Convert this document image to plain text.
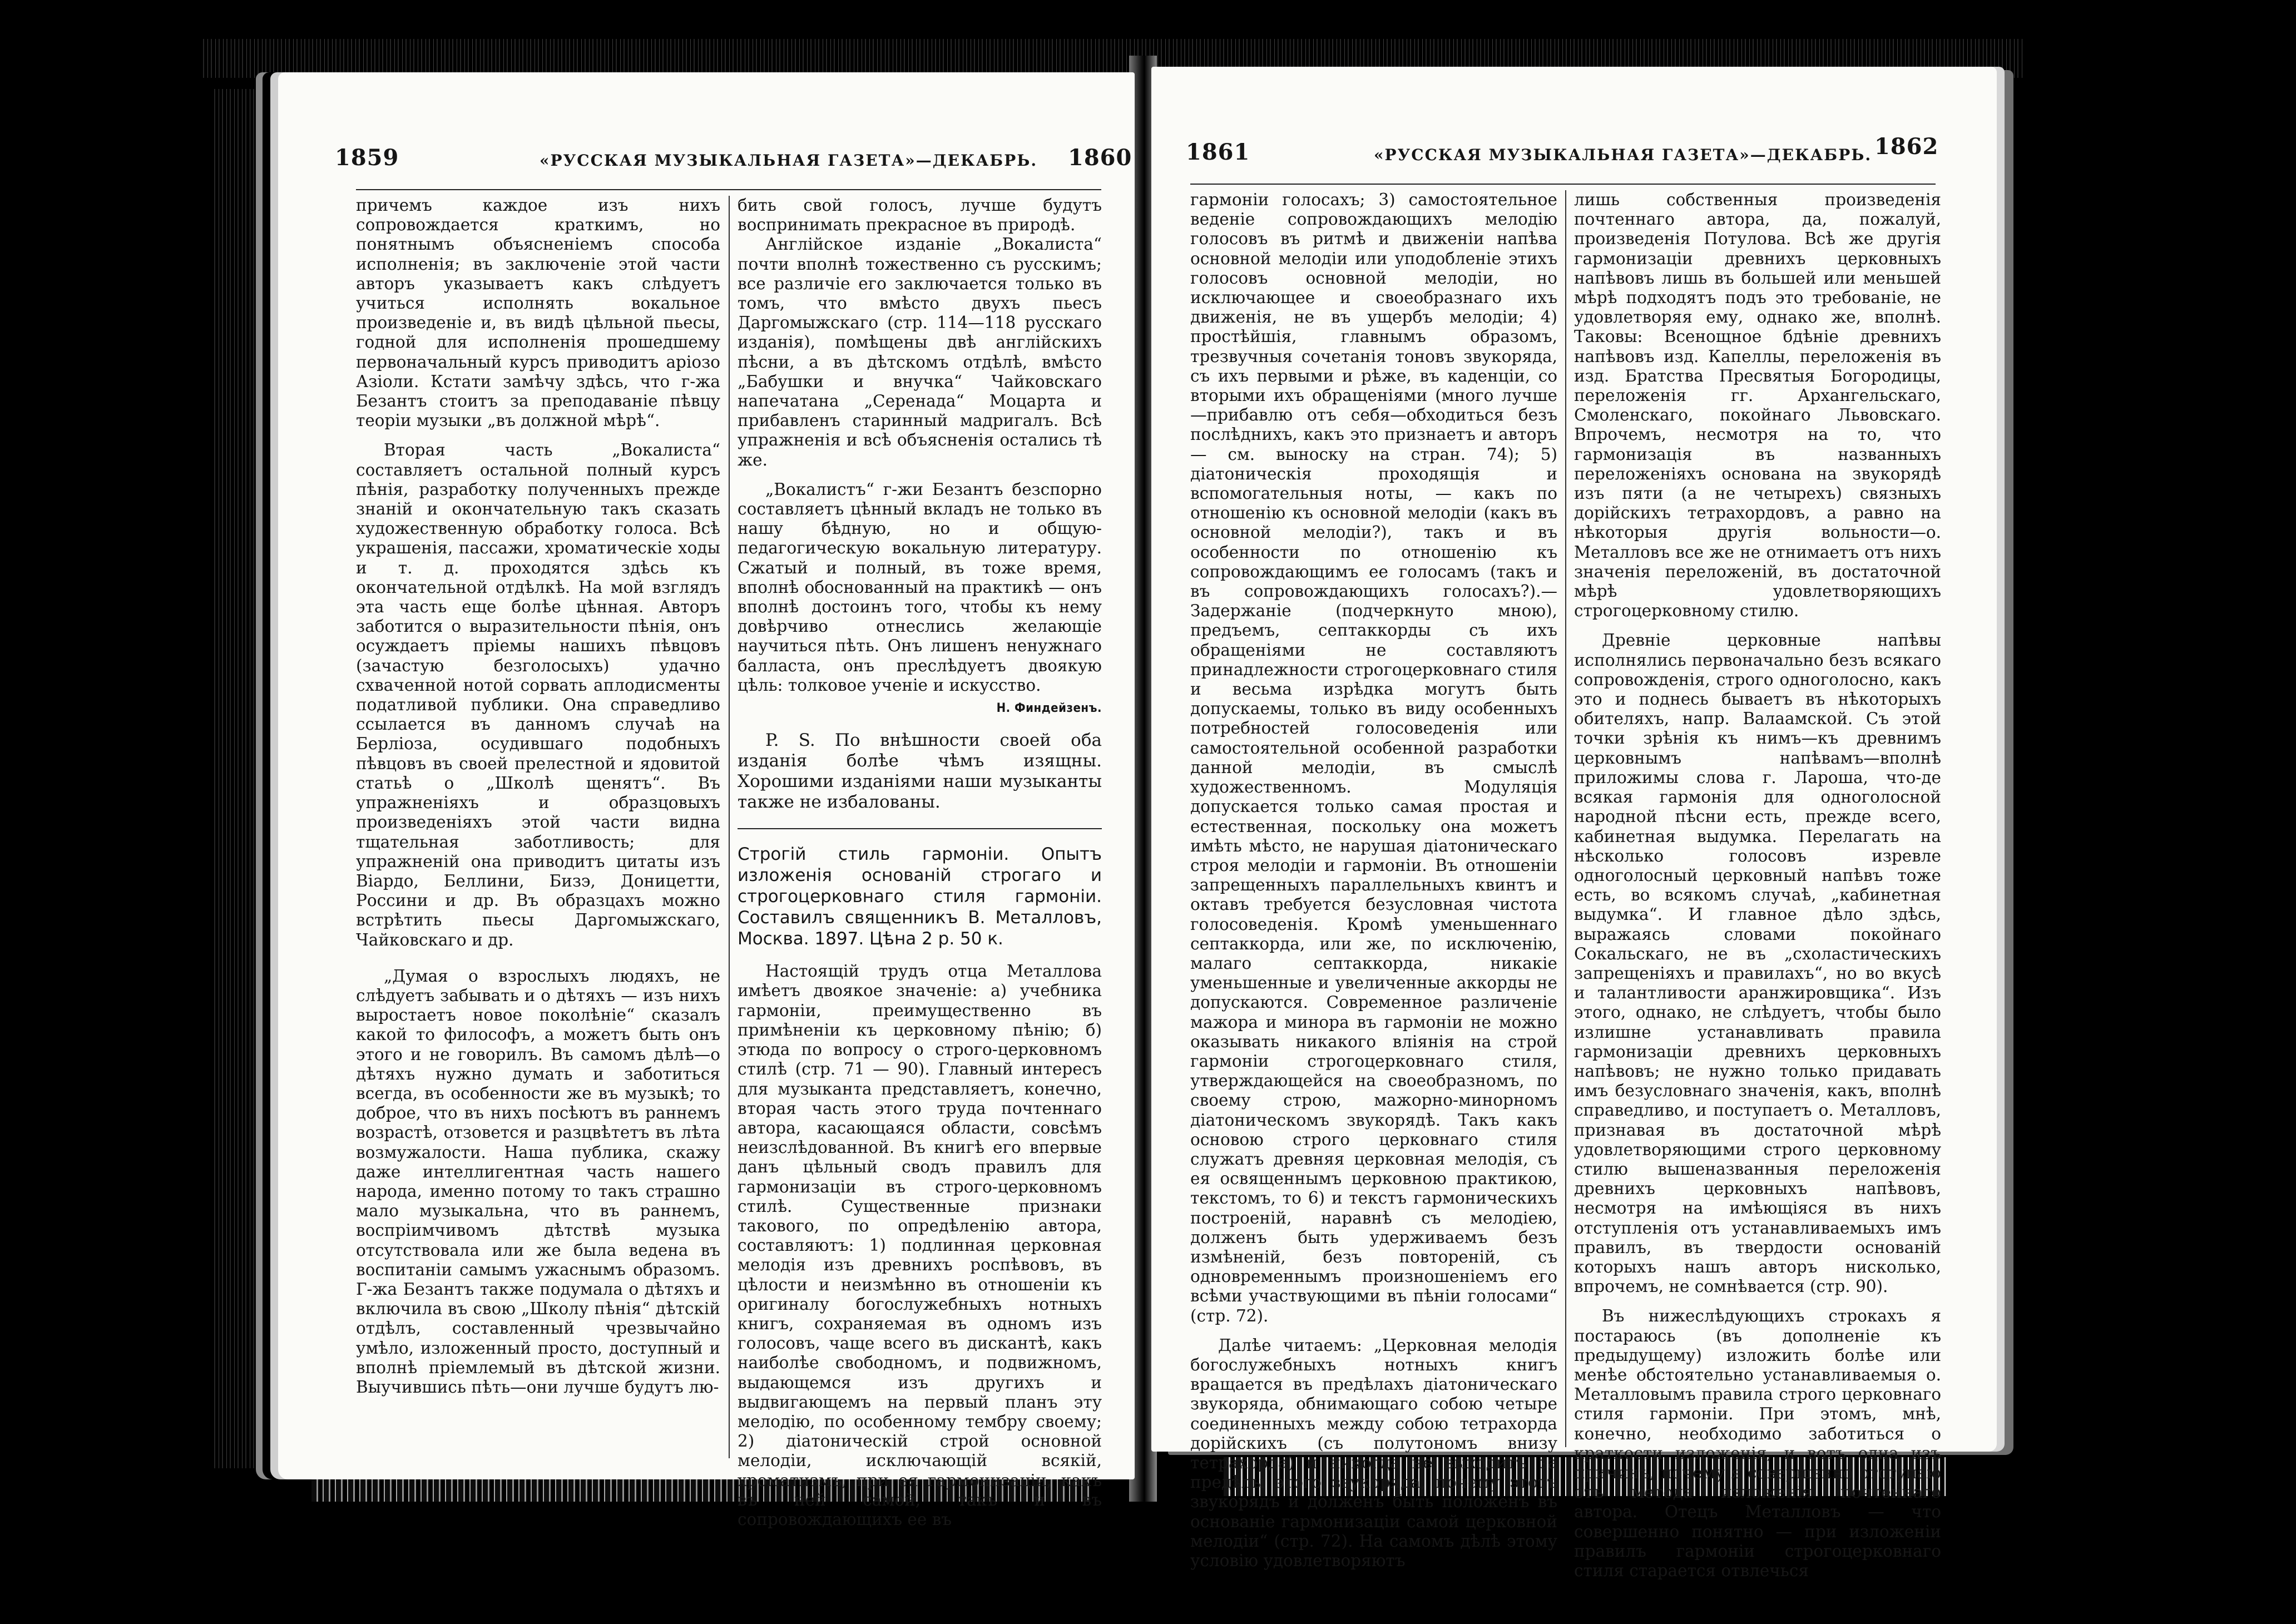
1859	«РУССКАЯ МУЗЫКАЛЬНАЯ ГАЗЕТА»—ДЕКАБРЬ. 1860

причемъ каждое изъ нихъ сопровождается краткимъ, но понятнымъ объясненіемъ способа исполненія; въ заключеніе этой части авторъ указываетъ какъ слѣдуетъ учиться исполнять вокальное произведеніе и, въ видѣ цѣльной пьесы, годной для исполненія прошедшему первоначальный курсъ приводитъ аріозо Азіоли. Кстати замѣчу здѣсь, что г-жа Безантъ стоитъ за преподаваніе пѣвцу теоріи музыки „въ должной мѣрѣ“.

Вторая часть „Вокалиста“ составляетъ остальной полный курсъ пѣнія, разработку полученныхъ прежде знаній и окончательную такъ сказать художественную обработку голоса. Всѣ украшенія, пассажи, хроматическіе ходы и т. д. проходятся здѣсь къ окончательной отдѣлкѣ. На мой взглядъ эта часть еще болѣе цѣнная. Авторъ заботится о выразительности пѣнія, онъ осуждаетъ пріемы нашихъ пѣвцовъ (зачастую безголосыхъ) удачно схваченной нотой сорвать аплодисменты податливой публики. Она справедливо ссылается въ данномъ случаѣ на Берліоза, осудившаго подобныхъ пѣвцовъ въ своей прелестной и ядовитой статьѣ о „Школѣ щенятъ“. Въ упражненіяхъ и образцовыхъ произведеніяхъ этой части видна тщательная заботливость; для упражненій она приводитъ цитаты изъ Віардо, Беллини, Бизэ, Доницетти, Россини и др. Въ образцахъ можно встрѣтить пьесы Даргомыжскаго, Чайковскаго и др.

„Думая о взрослыхъ людяхъ, не слѣдуетъ забывать и о дѣтяхъ — изъ нихъ выростаетъ новое поколѣніе“ сказалъ какой то философъ, а можетъ быть онъ этого и не говорилъ. Въ самомъ дѣлѣ—о дѣтяхъ нужно думать и заботиться всегда, въ особенности же въ музыкѣ; то доброе, что въ нихъ посѣютъ въ раннемъ возрастѣ, отзовется и разцвѣтетъ въ лѣта возмужалости. Наша публика, скажу даже интеллигентная часть нашего народа, именно потому то такъ страшно мало музыкальна, что въ раннемъ, воспріимчивомъ дѣтствѣ музыка отсутствовала или же была ведена въ воспитаніи самымъ ужаснымъ образомъ. Г-жа Безантъ также подумала о дѣтяхъ и включила въ свою „Школу пѣнія“ дѣтскій отдѣлъ, составленный чрезвычайно умѣло, изложенный просто, доступный и вполнѣ пріемлемый въ дѣтской жизни. Выучившись пѣть—они лучше будутъ лю-

бить свой голосъ, лучше будутъ воспринимать прекрасное въ природѣ.

Англійское изданіе „Вокалиста“ почти вполнѣ тожественно съ русскимъ; все различіе его заключается только въ томъ, что вмѣсто двухъ пьесъ Даргомыжскаго (стр. 114—118 русскаго изданія), помѣщены двѣ англійскихъ пѣсни, а въ дѣтскомъ отдѣлѣ, вмѣсто „Бабушки и внучка“ Чайковскаго напечатана „Серенада“ Моцарта и прибавленъ старинный мадригалъ. Всѣ упражненія и всѣ объясненія остались тѣ же.

„Вокалистъ“ г-жи Безантъ безспорно составляетъ цѣнный вкладъ не только въ нашу бѣдную, но и общую-педагогическую вокальную литературу. Сжатый и полный, въ тоже время, вполнѣ обоснованный на практикѣ — онъ вполнѣ достоинъ того, чтобы къ нему довѣрчиво отнеслись желающіе научиться пѣть. Онъ лишенъ ненужнаго балласта, онъ преслѣдуетъ двоякую цѣль: толковое ученіе и искусство.

Н. Финдейзенъ.

P. S. По внѣшности своей оба изданія болѣе чѣмъ изящны. Хорошими изданіями наши музыканты также не избалованы.

Строгій стиль гармоніи. Опытъ изложенія основаній строгаго и строгоцерковнаго стиля гармоніи. Составилъ священникъ В. Металловъ, Москва. 1897. Цѣна 2 р. 50 к.

Настоящій трудъ отца Металлова имѣетъ двоякое значеніе: а) учебника гармоніи, преимущественно въ примѣненіи къ церковному пѣнію; б) этюда по вопросу о строго-церковномъ стилѣ (стр. 71 — 90). Главный интересъ для музыканта представляетъ, конечно, вторая часть этого труда почтеннаго автора, касающаяся области, совсѣмъ неизслѣдованной. Въ книгѣ его впервые данъ цѣльный сводъ правилъ для гармонизаціи въ строго-церковномъ стилѣ. Существенные признаки такового, по опредѣленію автора, составляютъ: 1) подлинная церковная мелодія изъ древнихъ роспѣвовъ, въ цѣлости и неизмѣнно въ отношеніи къ оригиналу богослужебныхъ нотныхъ книгъ, сохраняемая въ одномъ изъ голосовъ, чаще всего въ дискантѣ, какъ наиболѣе свободномъ, и подвижномъ, выдающемся изъ другихъ и выдвигающемъ на первый планъ эту мелодію, по особенному тембру своему; 2) діатоническій строй основной мелодіи, исключающій всякій, хроматизмъ, при ея гармонизаціи, какъ въ ней самой, такъ и въ сопровождающихъ ее въ

1861	«РУССКАЯ МУЗЫКАЛЬНАЯ ГАЗЕТА»—ДЕКАБРЬ. 1862

гармоніи голосахъ; 3) самостоятельное веденіе сопровождающихъ мелодію голосовъ въ ритмѣ и движеніи напѣва основной мелодіи или уподобленіе этихъ голосовъ основной мелодіи, но исключающее и своеобразнаго ихъ движенія, не въ ущербъ мелодіи; 4) простѣйшія, главнымъ образомъ, трезвучныя сочетанія тоновъ звукоряда, съ ихъ первыми и рѣже, въ каденціи, со вторыми ихъ обращеніями (много лучше—прибавлю отъ себя—обходиться безъ послѣднихъ, какъ это признаетъ и авторъ — см. выноску на стран. 74); 5) діатоническія проходящія и вспомогательныя ноты, — какъ по отношенію къ основной мелодіи (какъ въ основной мелодіи?), такъ и въ особенности по отношенію къ сопровождающимъ ее голосамъ (такъ и въ сопровождающихъ голосахъ?).—Задержаніе (подчеркнуто мною), предъемъ, септаккорды съ ихъ обращеніями не составляютъ принадлежности строгоцерковнаго стиля и весьма изрѣдка могутъ быть допускаемы, только въ виду особенныхъ потребностей голосоведенія или самостоятельной особенной разработки данной мелодіи, въ смыслѣ художественномъ. Модуляція допускается только самая простая и естественная, поскольку она можетъ имѣть мѣсто, не нарушая діатоническаго строя мелодіи и гармоніи. Въ отношеніи запрещенныхъ параллельныхъ квинтъ и октавъ требуется безусловная чистота голосоведенія. Кромѣ уменьшеннаго септаккорда, или же, по исключенію, малаго септаккорда, никакіе уменьшенные и увеличенные аккорды не допускаются. Современное различеніе мажора и минора въ гармоніи не можно оказывать никакого вліянія на строй гармоніи строгоцерковнаго стиля, утверждающейся на своеобразномъ, по своему строю, мажорно-минорномъ діатоническомъ звукорядѣ. Такъ какъ основою строго церковнаго стиля служатъ древняя церковная мелодія, съ ея освященнымъ церковною практикою, текстомъ, то 6) и текстъ гармоническихъ построеній, наравнѣ съ мелодіею, долженъ быть удерживаемъ безъ измѣненій, безъ повтореній, съ одновременнымъ произношеніемъ его всѣми участвующими въ пѣніи голосами“ (стр. 72).

Далѣе читаемъ: „Церковная мелодія богослужебныхъ нотныхъ книгъ вращается въ предѣлахъ діатоническаго звукоряда, обнимающаго собою четыре соединенныхъ между собою тетрахорда дорійскихъ (съ полутономъ внизу тетрахорда) и никогда не выходитъ за предѣлы этого звукоряда, почему этотъ звукорядъ и долженъ быть положенъ въ основаніе гармонизаціи самой церковной мелодіи“ (стр. 72). На самомъ дѣлѣ этому условію удовлетворяютъ

лишь собственныя произведенія почтеннаго автора, да, пожалуй, произведенія Потулова. Всѣ же другія гармонизаціи древнихъ церковныхъ напѣвовъ лишь въ большей или меньшей мѣрѣ подходятъ подъ это требованіе, не удовлетворяя ему, однако же, вполнѣ. Таковы: Всенощное бдѣніе древнихъ напѣвовъ изд. Капеллы, переложенія въ изд. Братства Пресвятыя Богородицы, переложенія гг. Архангельскаго, Смоленскаго, покойнаго Львовскаго. Впрочемъ, несмотря на то, что гармонизація въ названныхъ переложеніяхъ основана на звукорядѣ изъ пяти (а не четырехъ) связныхъ дорійскихъ тетрахордовъ, а равно на нѣкоторыя другія вольности—о. Металловъ все же не отнимаетъ отъ нихъ значенія переложеній, въ достаточной мѣрѣ удовлетворяющихъ строгоцерковному стилю.

Древніе церковные напѣвы исполнялись первоначально безъ всякаго сопровожденія, строго одноголосно, какъ это и поднесь бываетъ въ нѣкоторыхъ обителяхъ, напр. Валаамской. Съ этой точки зрѣнія къ нимъ—къ древнимъ церковнымъ напѣвамъ—вполнѣ приложимы слова г. Лароша, что-де всякая гармонія для одноголосной народной пѣсни есть, прежде всего, кабинетная выдумка. Перелагать на нѣсколько голосовъ изревле одноголосный церковный напѣвъ тоже есть, во всякомъ случаѣ, „кабинетная выдумка“. И главное дѣло здѣсь, выражаясь словами покойнаго Сокальскаго, не въ „схоластическихъ запрещеніяхъ и правилахъ“, но во вкусѣ и талантливости аранжировщика“. Изъ этого, однако, не слѣдуетъ, чтобы было излишне устанавливать правила гармонизаціи древнихъ церковныхъ напѣвовъ; не нужно только придавать имъ безусловнаго значенія, какъ, вполнѣ справедливо, и поступаетъ о. Металловъ, признавая въ достаточной мѣрѣ удовлетворяющими строго церковному стилю вышеназванныя переложенія древнихъ церковныхъ напѣвовъ, несмотря на имѣющіяся въ нихъ отступленія отъ устанавливаемыхъ имъ правилъ, въ твердости основаній которыхъ нашъ авторъ нисколько, впрочемъ, не сомнѣвается (стр. 90).

Въ нижеслѣдующихъ строкахъ я постараюсь (въ дополненіе къ предыдущему) изложить болѣе или менѣе обстоятельно устанавливаемыя о. Металловымъ правила строго церковнаго стиля гармоніи. При этомъ, мнѣ, конечно, необходимо заботиться о краткости изложенія, и вотъ одна изъ причинъ, почему я совершенно отступаю отъ метода изложенія почтеннаго автора. Отецъ Металловъ — что совершенно понятно — при изложеніи правилъ гармоніи строгоцерковнаго стиля старается отвлечься
